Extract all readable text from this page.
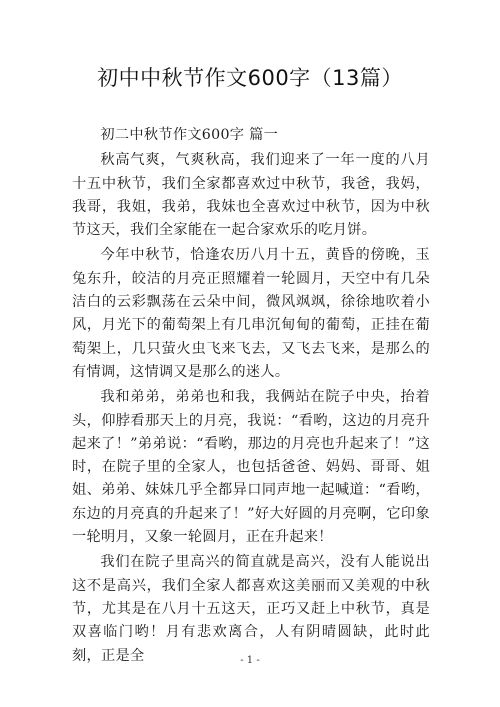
初中中秋节作文600字（13篇）

初二中秋节作文600字 篇一

秋高气爽，气爽秋高，我们迎来了一年一度的八月十五中秋节，我们全家都喜欢过中秋节，我爸，我妈，我哥，我姐，我弟，我妹也全喜欢过中秋节，因为中秋节这天，我们全家能在一起合家欢乐的吃月饼。

今年中秋节，恰逢农历八月十五，黄昏的傍晚，玉兔东升，皎洁的月亮正照耀着一轮圆月，天空中有几朵洁白的云彩飘荡在云朵中间，微风飒飒，徐徐地吹着小风，月光下的葡萄架上有几串沉甸甸的葡萄，正挂在葡萄架上，几只萤火虫飞来飞去，又飞去飞来，是那么的有情调，这情调又是那么的迷人。

我和弟弟，弟弟也和我，我俩站在院子中央，抬着头，仰脖看那天上的月亮，我说：“看哟，这边的月亮升起来了！”弟弟说：“看哟，那边的月亮也升起来了！”这时，在院子里的全家人，也包括爸爸、妈妈、哥哥、姐姐、弟弟、妹妹几乎全都异口同声地一起喊道：“看哟，东边的月亮真的升起来了！”好大好圆的月亮啊，它印象一轮明月，又象一轮圆月，正在升起来！

我们在院子里高兴的简直就是高兴，没有人能说出这不是高兴，我们全家人都喜欢这美丽而又美观的中秋节，尤其是在八月十五这天，正巧又赶上中秋节，真是双喜临门哟！月有悲欢离合，人有阴晴圆缺，此时此刻，正是全	- 1 -
